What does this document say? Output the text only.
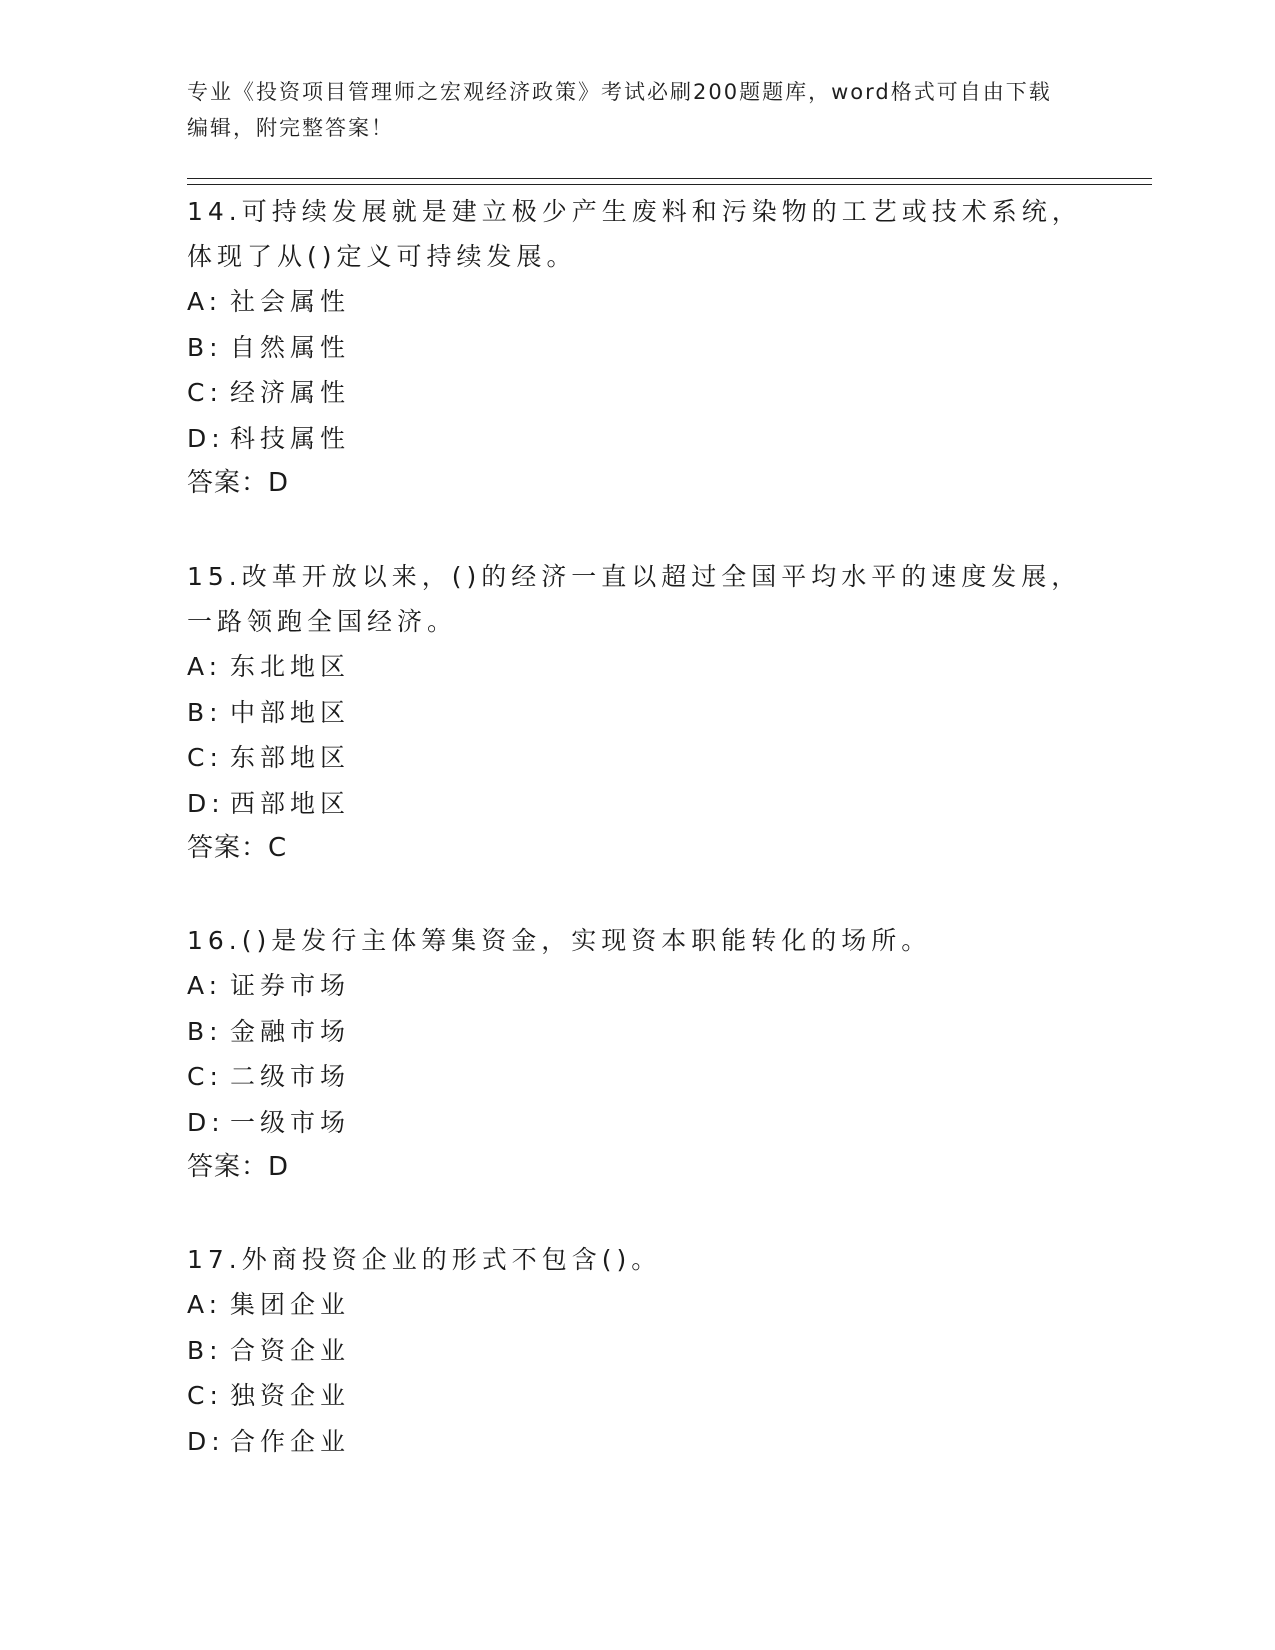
专业《投资项目管理师之宏观经济政策》考试必刷200题题库，word格式可自由下载编辑，附完整答案！
14.可持续发展就是建立极少产生废料和污染物的工艺或技术系统，体现了从()定义可持续发展。
A: 社会属性
B: 自然属性
C: 经济属性
D: 科技属性
答案：D
15.改革开放以来，()的经济一直以超过全国平均水平的速度发展，一路领跑全国经济。
A: 东北地区
B: 中部地区
C: 东部地区
D: 西部地区
答案：C
16.()是发行主体筹集资金，实现资本职能转化的场所。
A: 证券市场
B: 金融市场
C: 二级市场
D: 一级市场
答案：D
17.外商投资企业的形式不包含()。
A: 集团企业
B: 合资企业
C: 独资企业
D: 合作企业
